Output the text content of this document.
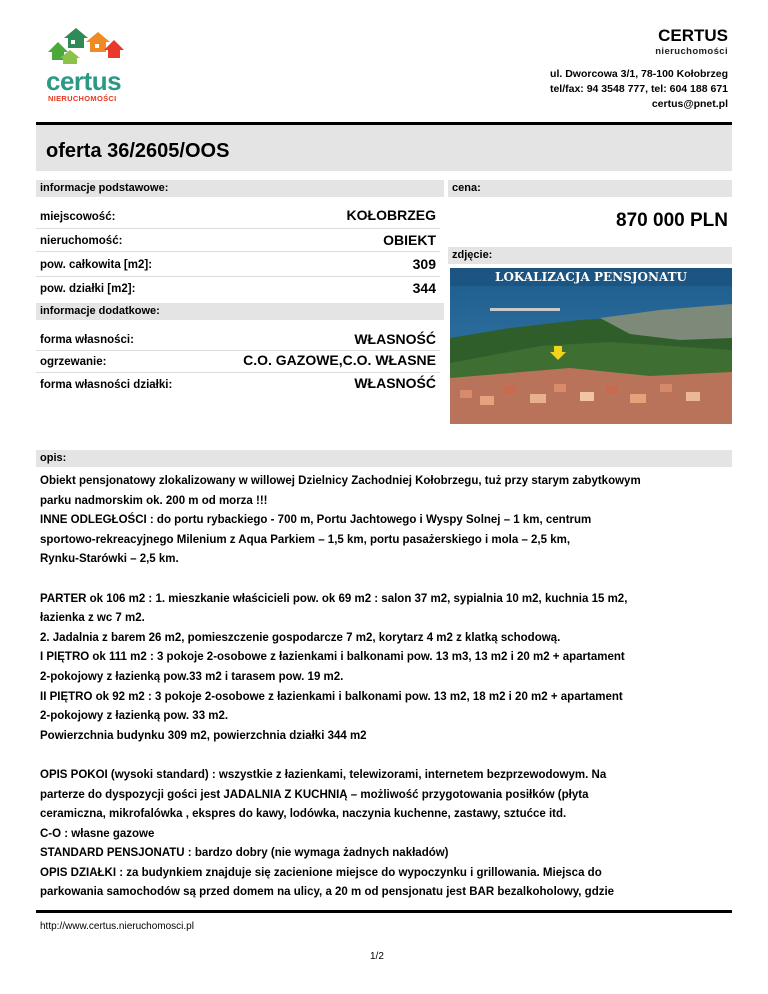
certus
NIERUCHOMOŚCI
CERTUS
nieruchomości
ul. Dworcowa 3/1, 78-100 Kołobrzeg
tel/fax: 94 3548 777, tel: 604 188 671
certus@pnet.pl
oferta 36/2605/OOS
informacje podstawowe:
miejscowość:	KOŁOBRZEG
nieruchomość:	OBIEKT
pow. całkowita [m2]:	309
pow. działki [m2]:	344
informacje dodatkowe:
forma własności:	WŁASNOŚĆ
ogrzewanie:	C.O. GAZOWE,C.O. WŁASNE
forma własności działki:	WŁASNOŚĆ
cena:
870 000 PLN
zdjęcie:
LOKALIZACJA PENSJONATU
opis:

Obiekt pensjonatowy zlokalizowany w willowej Dzielnicy Zachodniej Kołobrzegu, tuż przy starym zabytkowym

parku nadmorskim ok. 200 m od morza !!!

INNE ODLEGŁOŚCI : do portu rybackiego - 700 m, Portu Jachtowego i Wyspy Solnej – 1 km, centrum

sportowo-rekreacyjnego Milenium z Aqua Parkiem – 1,5 km, portu pasażerskiego i mola – 2,5 km,

Rynku-Starówki – 2,5 km.

PARTER ok 106 m2 : 1. mieszkanie właścicieli pow. ok 69 m2 : salon 37 m2, sypialnia 10 m2, kuchnia 15 m2,

łazienka z wc 7 m2.

2. Jadalnia z barem 26 m2, pomieszczenie gospodarcze 7 m2, korytarz 4 m2 z klatką schodową.

I PIĘTRO ok 111 m2 : 3 pokoje 2-osobowe z łazienkami i balkonami pow. 13 m3, 13 m2 i 20 m2 + apartament

2-pokojowy z łazienką pow.33 m2 i tarasem pow. 19 m2.

II PIĘTRO ok 92 m2 : 3 pokoje 2-osobowe z łazienkami i balkonami pow. 13 m2, 18 m2 i 20 m2 + apartament

2-pokojowy z łazienką pow. 33 m2.

Powierzchnia budynku 309 m2, powierzchnia działki 344 m2

OPIS POKOI (wysoki standard) : wszystkie z łazienkami, telewizorami, internetem bezprzewodowym. Na

parterze do dyspozycji gości jest JADALNIA Z KUCHNIĄ – możliwość przygotowania posiłków (płyta

ceramiczna, mikrofalówka , ekspres do kawy, lodówka, naczynia kuchenne, zastawy, sztućce itd.

C-O : własne gazowe

STANDARD PENSJONATU : bardzo dobry (nie wymaga żadnych nakładów)

OPIS DZIAŁKI : za budynkiem znajduje się zacienione miejsce do wypoczynku i grillowania. Miejsca do

parkowania samochodów są przed domem na ulicy, a 20 m od pensjonatu jest BAR bezalkoholowy, gdzie

http://www.certus.nieruchomosci.pl
1/2
